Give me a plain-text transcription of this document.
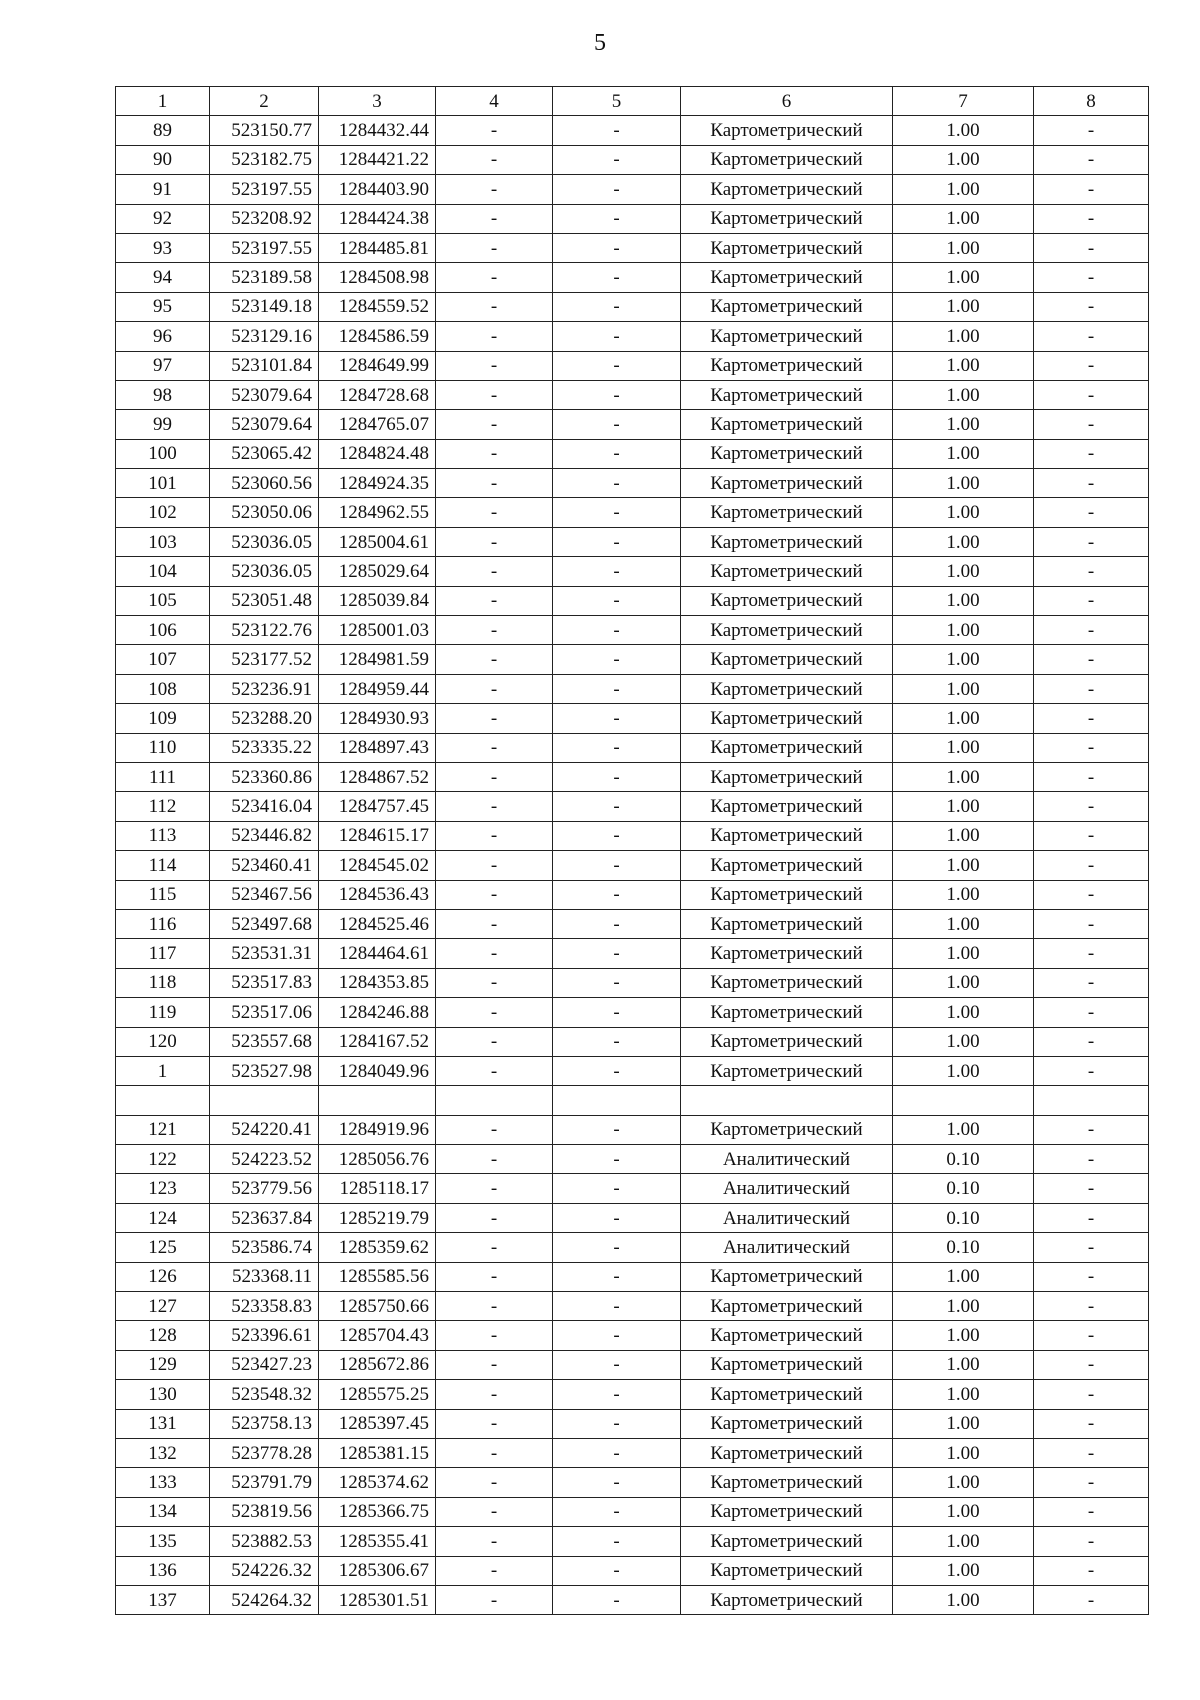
5
1	2	3	4	5	6	7	8
89	523150.77	1284432.44	-	-	Картометрический	1.00	-
90	523182.75	1284421.22	-	-	Картометрический	1.00	-
91	523197.55	1284403.90	-	-	Картометрический	1.00	-
92	523208.92	1284424.38	-	-	Картометрический	1.00	-
93	523197.55	1284485.81	-	-	Картометрический	1.00	-
94	523189.58	1284508.98	-	-	Картометрический	1.00	-
95	523149.18	1284559.52	-	-	Картометрический	1.00	-
96	523129.16	1284586.59	-	-	Картометрический	1.00	-
97	523101.84	1284649.99	-	-	Картометрический	1.00	-
98	523079.64	1284728.68	-	-	Картометрический	1.00	-
99	523079.64	1284765.07	-	-	Картометрический	1.00	-
100	523065.42	1284824.48	-	-	Картометрический	1.00	-
101	523060.56	1284924.35	-	-	Картометрический	1.00	-
102	523050.06	1284962.55	-	-	Картометрический	1.00	-
103	523036.05	1285004.61	-	-	Картометрический	1.00	-
104	523036.05	1285029.64	-	-	Картометрический	1.00	-
105	523051.48	1285039.84	-	-	Картометрический	1.00	-
106	523122.76	1285001.03	-	-	Картометрический	1.00	-
107	523177.52	1284981.59	-	-	Картометрический	1.00	-
108	523236.91	1284959.44	-	-	Картометрический	1.00	-
109	523288.20	1284930.93	-	-	Картометрический	1.00	-
110	523335.22	1284897.43	-	-	Картометрический	1.00	-
111	523360.86	1284867.52	-	-	Картометрический	1.00	-
112	523416.04	1284757.45	-	-	Картометрический	1.00	-
113	523446.82	1284615.17	-	-	Картометрический	1.00	-
114	523460.41	1284545.02	-	-	Картометрический	1.00	-
115	523467.56	1284536.43	-	-	Картометрический	1.00	-
116	523497.68	1284525.46	-	-	Картометрический	1.00	-
117	523531.31	1284464.61	-	-	Картометрический	1.00	-
118	523517.83	1284353.85	-	-	Картометрический	1.00	-
119	523517.06	1284246.88	-	-	Картометрический	1.00	-
120	523557.68	1284167.52	-	-	Картометрический	1.00	-
1	523527.98	1284049.96	-	-	Картометрический	1.00	-

121	524220.41	1284919.96	-	-	Картометрический	1.00	-
122	524223.52	1285056.76	-	-	Аналитический	0.10	-
123	523779.56	1285118.17	-	-	Аналитический	0.10	-
124	523637.84	1285219.79	-	-	Аналитический	0.10	-
125	523586.74	1285359.62	-	-	Аналитический	0.10	-
126	523368.11	1285585.56	-	-	Картометрический	1.00	-
127	523358.83	1285750.66	-	-	Картометрический	1.00	-
128	523396.61	1285704.43	-	-	Картометрический	1.00	-
129	523427.23	1285672.86	-	-	Картометрический	1.00	-
130	523548.32	1285575.25	-	-	Картометрический	1.00	-
131	523758.13	1285397.45	-	-	Картометрический	1.00	-
132	523778.28	1285381.15	-	-	Картометрический	1.00	-
133	523791.79	1285374.62	-	-	Картометрический	1.00	-
134	523819.56	1285366.75	-	-	Картометрический	1.00	-
135	523882.53	1285355.41	-	-	Картометрический	1.00	-
136	524226.32	1285306.67	-	-	Картометрический	1.00	-
137	524264.32	1285301.51	-	-	Картометрический	1.00	-
